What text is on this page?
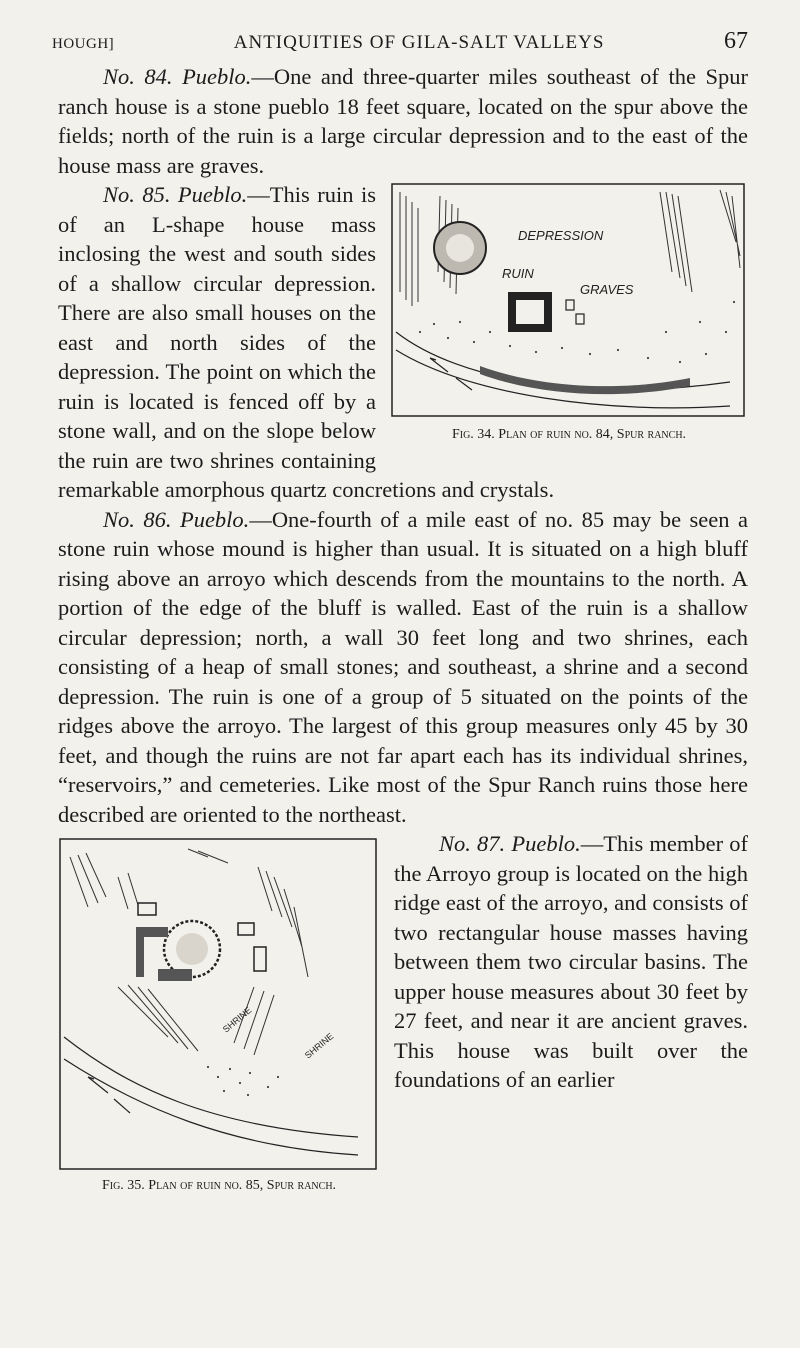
HOUGH]	ANTIQUITIES OF GILA-SALT VALLEYS	67

No. 84. Pueblo.—One and three-quarter miles southeast of the Spur ranch house is a stone pueblo 18 feet square, located on the spur above the fields; north of the ruin is a large circular depression and to the east of the house mass are graves.

DEPRESSION
RUIN
GRAVES
Fig. 34. Plan of ruin no. 84, Spur ranch.

No. 85. Pueblo.—This ruin is of an L-shape house mass inclosing the west and south sides of a shallow circular depression. There are also small houses on the east and north sides of the depression. The point on which the ruin is located is fenced off by a stone wall, and on the slope below the ruin are two shrines containing remarkable amorphous quartz concretions and crystals.

No. 86. Pueblo.—One-fourth of a mile east of no. 85 may be seen a stone ruin whose mound is higher than usual. It is situated on a high bluff rising above an arroyo which descends from the mountains to the north. A portion of the edge of the bluff is walled. East of the ruin is a shallow circular depression; north, a wall 30 feet long and two shrines, each consisting of a heap of small stones; and southeast, a shrine and a second depression. The ruin is one of a group of 5 situated on the points of the ridges above the arroyo. The largest of this group measures only 45 by 30 feet, and though the ruins are not far apart each has its individual shrines, “reservoirs,” and cemeteries. Like most of the Spur Ranch ruins those here described are oriented to the northeast.

SHRINE
SHRINE
Fig. 35. Plan of ruin no. 85, Spur ranch.

No. 87. Pueblo.—This member of the Arroyo group is located on the high ridge east of the arroyo, and consists of two rectangular house masses having between them two circular basins. The upper house measures about 30 feet by 27 feet, and near it are ancient graves. This house was built over the foundations of an earlier
